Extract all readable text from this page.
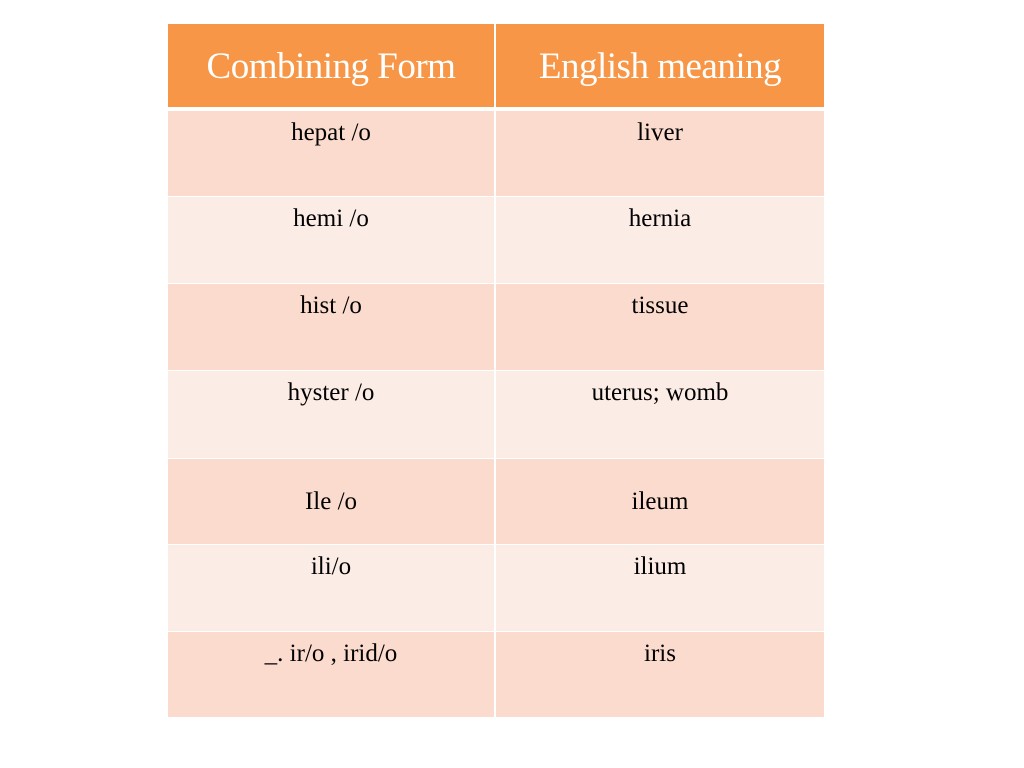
Combining Form	English meaning
hepat /o	liver
hemi /o	hernia
hist /o	tissue
hyster /o	uterus; womb
Ile /o	ileum
ili/o	ilium
_. ir/o , irid/o	iris
